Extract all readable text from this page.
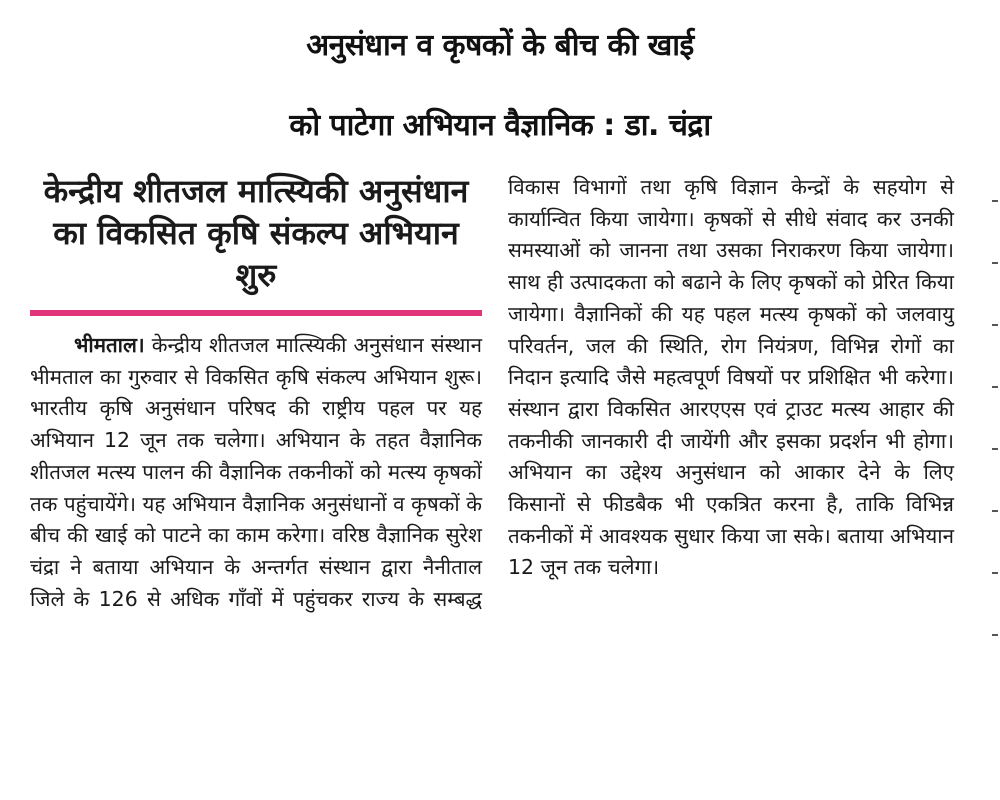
अनुसंधान व कृषकों के बीच की खाई
को पाटेगा अभियान वैज्ञानिक : डा. चंद्रा
केन्द्रीय शीतजल मात्स्यिकी अनुसंधान का विकसित कृषि संकल्प अभियान शुरु
भीमताल। केन्द्रीय शीतजल मात्स्यिकी अनुसंधान संस्थान भीमताल का गुरुवार से विकसित कृषि संकल्प अभियान शुरू। भारतीय कृषि अनुसंधान परिषद की राष्ट्रीय पहल पर यह अभियान 12 जून तक चलेगा। अभियान के तहत वैज्ञानिक शीतजल मत्स्य पालन की वैज्ञानिक तकनीकों को मत्स्य कृषकों तक पहुंचायेंगे। यह अभियान वैज्ञानिक अनुसंधानों व कृषकों के बीच की खाई को पाटने का काम करेगा। वरिष्ठ वैज्ञानिक सुरेश चंद्रा ने बताया अभियान के अन्तर्गत संस्थान द्वारा नैनीताल जिले के 126 से अधिक गाँवों में पहुंचकर राज्य के सम्बद्ध
विकास विभागों तथा कृषि विज्ञान केन्द्रों के सहयोग से कार्यान्वित किया जायेगा। कृषकों से सीधे संवाद कर उनकी समस्याओं को जानना तथा उसका निराकरण किया जायेगा। साथ ही उत्पादकता को बढाने के लिए कृषकों को प्रेरित किया जायेगा। वैज्ञानिकों की यह पहल मत्स्य कृषकों को जलवायु परिवर्तन, जल की स्थिति, रोग नियंत्रण, विभिन्न रोगों का निदान इत्यादि जैसे महत्वपूर्ण विषयों पर प्रशिक्षित भी करेगा। संस्थान द्वारा विकसित आरएएस एवं ट्राउट मत्स्य आहार की तकनीकी जानकारी दी जायेंगी और इसका प्रदर्शन भी होगा। अभियान का उद्देश्य अनुसंधान को आकार देने के लिए किसानों से फीडबैक भी एकत्रित करना है, ताकि विभिन्न तकनीकों में आवश्यक सुधार किया जा सके। बताया अभियान 12 जून तक चलेगा।
